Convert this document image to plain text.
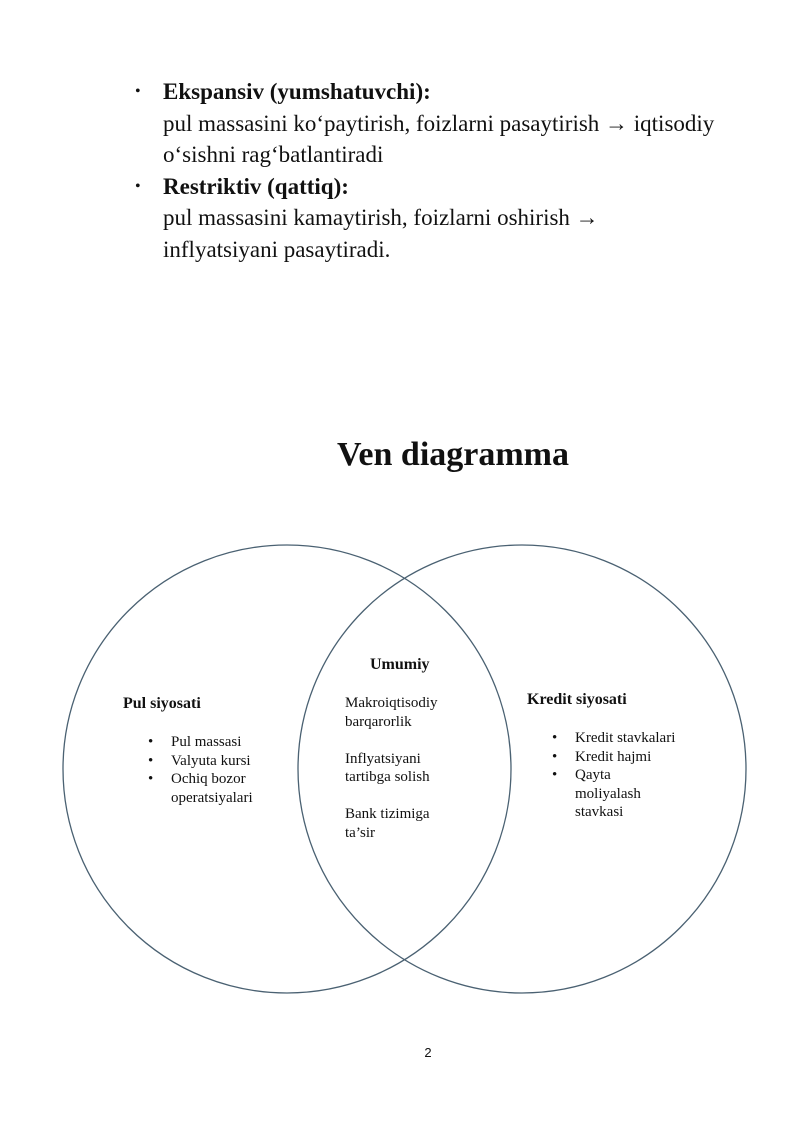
• Ekspansiv (yumshatuvchi):
pul massasini ko‘paytirish, foizlarni pasaytirish → iqtisodiy
o‘sishni rag‘batlantiradi
• Restriktiv (qattiq):
pul massasini kamaytirish, foizlarni oshirish →
inflyatsiyani pasaytiradi.
Ven diagramma
Pul siyosati
• Pul massasi
• Valyuta kursi
• Ochiq bozor
operatsiyalari
Umumiy
Makroiqtisodiy
barqarorlik
Inflyatsiyani
tartibga solish
Bank tizimiga
ta’sir
Kredit siyosati
• Kredit stavkalari
• Kredit hajmi
• Qayta
moliyalash
stavkasi
2
